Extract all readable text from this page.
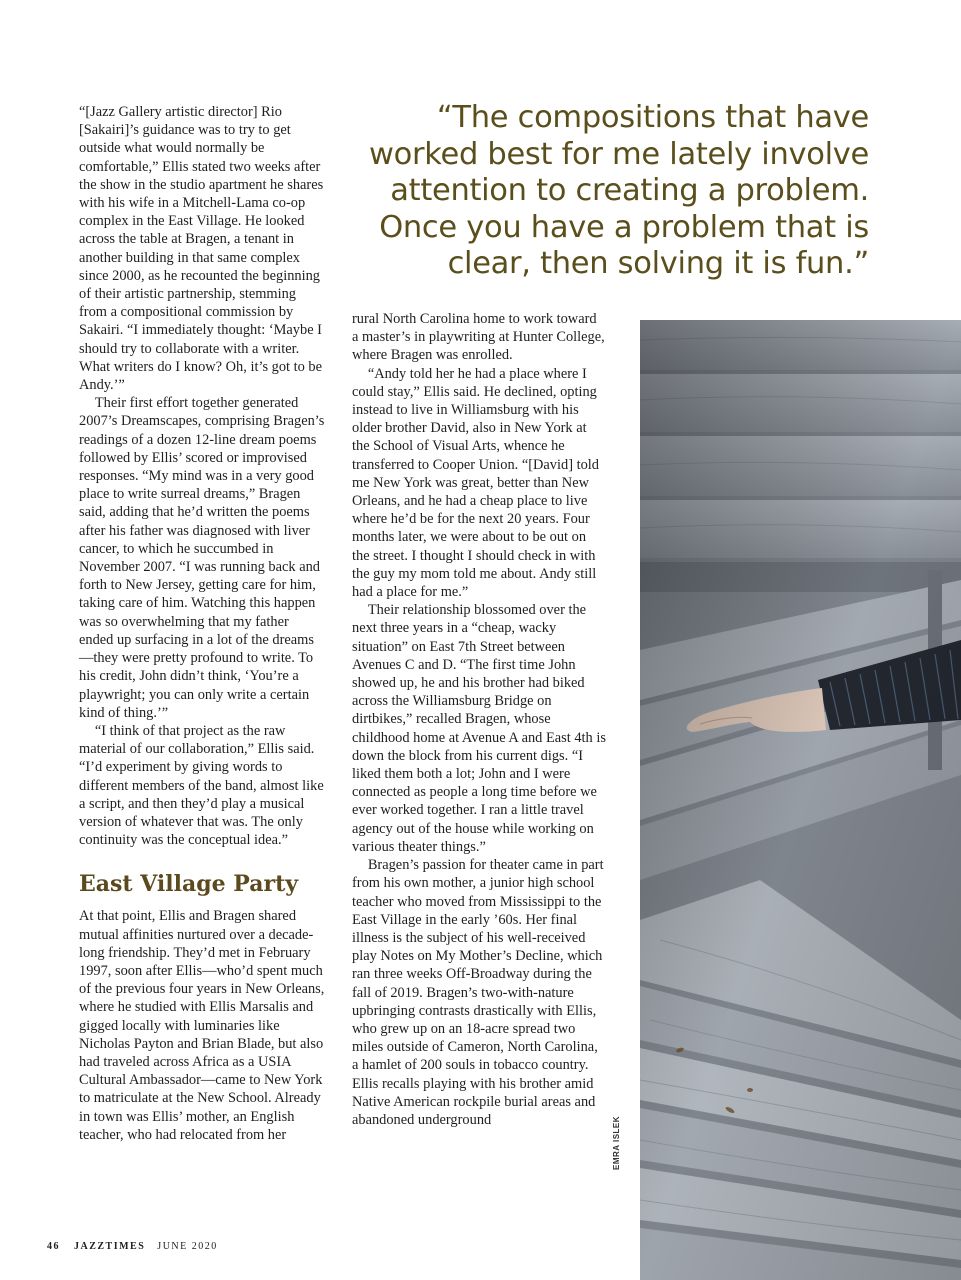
“The compositions that have worked best for me lately involve attention to creating a problem. Once you have a problem that is clear, then solving it is fun.”

“[Jazz Gallery artistic director] Rio [Sakairi]’s guidance was to try to get outside what would normally be comfortable,” Ellis stated two weeks after the show in the studio apartment he shares with his wife in a Mitchell-Lama co-op complex in the East Village. He looked across the table at Bragen, a tenant in another building in that same complex since 2000, as he recounted the beginning of their artistic partnership, stemming from a compositional commission by Sakairi. “I immediately thought: ‘Maybe I should try to collaborate with a writer. What writers do I know? Oh, it’s got to be Andy.’”

Their first effort together generated 2007’s Dreamscapes, comprising Bragen’s readings of a dozen 12-line dream poems followed by Ellis’ scored or improvised responses. “My mind was in a very good place to write surreal dreams,” Bragen said, adding that he’d written the poems after his father was diagnosed with liver cancer, to which he succumbed in November 2007. “I was running back and forth to New Jersey, getting care for him, taking care of him. Watching this happen was so overwhelming that my father ended up surfacing in a lot of the dreams—they were pretty profound to write. To his credit, John didn’t think, ‘You’re a playwright; you can only write a certain kind of thing.’”

“I think of that project as the raw material of our collaboration,” Ellis said. “I’d experiment by giving words to different members of the band, almost like a script, and then they’d play a musical version of whatever that was. The only continuity was the conceptual idea.”

East Village Party

At that point, Ellis and Bragen shared mutual affinities nurtured over a decade-long friendship. They’d met in February 1997, soon after Ellis—who’d spent much of the previous four years in New Orleans, where he studied with Ellis Marsalis and gigged locally with luminaries like Nicholas Payton and Brian Blade, but also had traveled across Africa as a USIA Cultural Ambassador—came to New York to matriculate at the New School. Already in town was Ellis’ mother, an English teacher, who had relocated from her

rural North Carolina home to work toward a master’s in playwriting at Hunter College, where Bragen was enrolled.

“Andy told her he had a place where I could stay,” Ellis said. He declined, opting instead to live in Williamsburg with his older brother David, also in New York at the School of Visual Arts, whence he transferred to Cooper Union. “[David] told me New York was great, better than New Orleans, and he had a cheap place to live where he’d be for the next 20 years. Four months later, we were about to be out on the street. I thought I should check in with the guy my mom told me about. Andy still had a place for me.”

Their relationship blossomed over the next three years in a “cheap, wacky situation” on East 7th Street between Avenues C and D. “The first time John showed up, he and his brother had biked across the Williamsburg Bridge on dirtbikes,” recalled Bragen, whose childhood home at Avenue A and East 4th is down the block from his current digs. “I liked them both a lot; John and I were connected as people a long time before we ever worked together. I ran a little travel agency out of the house while working on various theater things.”

Bragen’s passion for theater came in part from his own mother, a junior high school teacher who moved from Mississippi to the East Village in the early ’60s. Her final illness is the subject of his well-received play Notes on My Mother’s Decline, which ran three weeks Off-Broadway during the fall of 2019. Bragen’s two-with-nature upbringing contrasts drastically with Ellis, who grew up on an 18-acre spread two miles outside of Cameron, North Carolina, a hamlet of 200 souls in tobacco country. Ellis recalls playing with his brother amid Native American rockpile burial areas and abandoned underground	EMRA ISLEK
46 JAZZTIMES JUNE 2020
